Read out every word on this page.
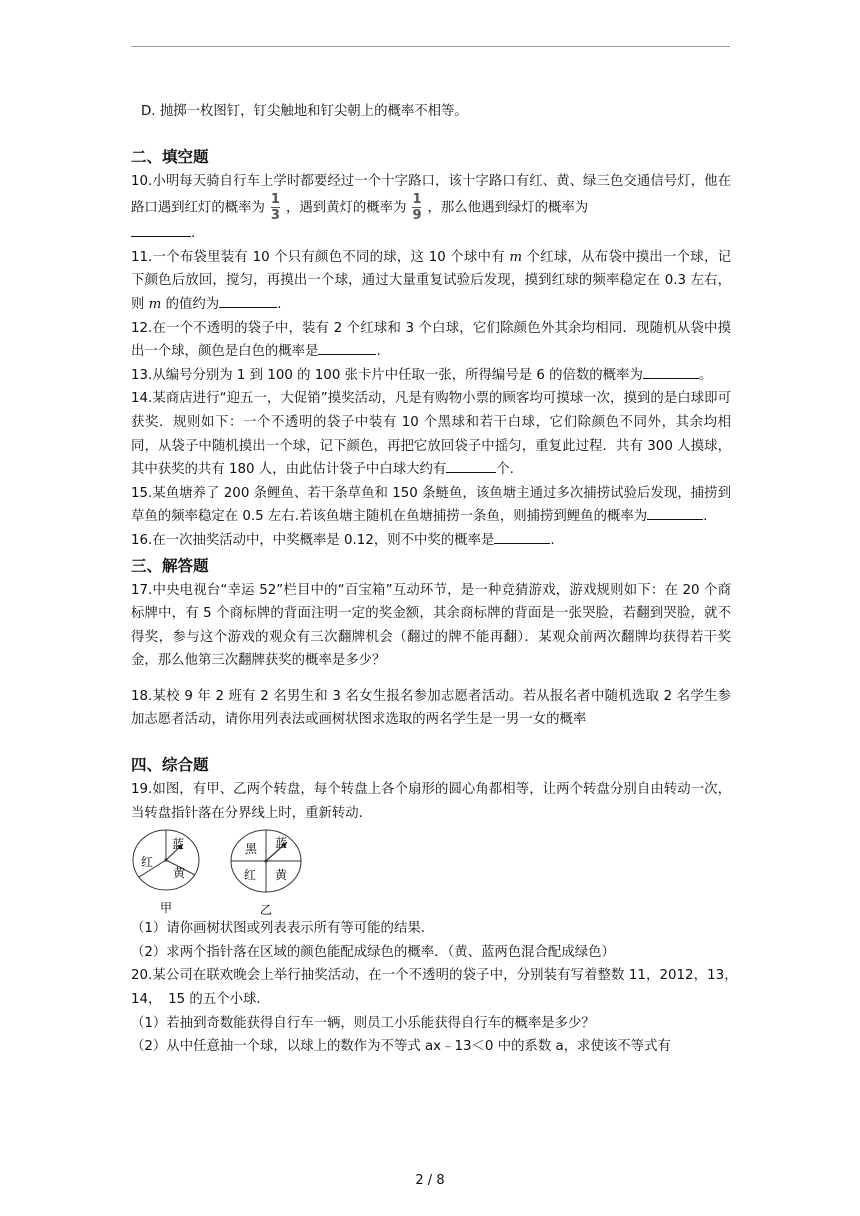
D. 抛掷一枚图钉，钉尖触地和钉尖朝上的概率不相等。

二、填空题

10.小明每天骑自行车上学时都要经过一个十字路口，该十字路口有红、黄、绿三色交通信号灯，他在路口遇到红灯的概率为 $\frac{1}{3}$ ，遇到黄灯的概率为 $\frac{1}{9}$ ，那么他遇到绿灯的概率为
.

11.一个布袋里装有 10 个只有颜色不同的球，这 10 个球中有 m 个红球，从布袋中摸出一个球，记下颜色后放回，搅匀，再摸出一个球，通过大量重复试验后发现，摸到红球的频率稳定在 0.3 左右，则 m 的值约为	.

12.在一个不透明的袋子中，装有 2 个红球和 3 个白球，它们除颜色外其余均相同．现随机从袋中摸出一个球，颜色是白色的概率是	.

13.从编号分别为 1 到 100 的 100 张卡片中任取一张，所得编号是 6 的倍数的概率为	。

14.某商店进行“迎五一，大促销”摸奖活动，凡是有购物小票的顾客均可摸球一次，摸到的是白球即可获奖．规则如下：一个不透明的袋子中装有 10 个黑球和若干白球，它们除颜色不同外，其余均相同，从袋子中随机摸出一个球，记下颜色，再把它放回袋子中摇匀，重复此过程．共有 300 人摸球，其中获奖的共有 180 人，由此估计袋子中白球大约有	个.

15.某鱼塘养了 200 条鲤鱼、若干条草鱼和 150 条鲢鱼，该鱼塘主通过多次捕捞试验后发现，捕捞到草鱼的频率稳定在 0.5 左右.若该鱼塘主随机在鱼塘捕捞一条鱼，则捕捞到鲤鱼的概率为	.

16.在一次抽奖活动中，中奖概率是 0.12，则不中奖的概率是	.

三、解答题

17.中央电视台“幸运 52”栏目中的“百宝箱”互动环节，是一种竞猜游戏，游戏规则如下：在 20 个商标牌中，有 5 个商标牌的背面注明一定的奖金额，其余商标牌的背面是一张哭脸，若翻到哭脸，就不得奖，参与这个游戏的观众有三次翻牌机会（翻过的牌不能再翻）．某观众前两次翻牌均获得若干奖金，那么他第三次翻牌获奖的概率是多少？

18.某校 9 年 2 班有 2 名男生和 3 名女生报名参加志愿者活动。若从报名者中随机选取 2 名学生参加志愿者活动，请你用列表法或画树状图求选取的两名学生是一男一女的概率

四、综合题

19.如图，有甲、乙两个转盘，每个转盘上各个扇形的圆心角都相等，让两个转盘分别自由转动一次，当转盘指针落在分界线上时，重新转动．

红
蓝
黄
甲
黑 蓝
红 黄
乙

（1）请你画树状图或列表表示所有等可能的结果．

（2）求两个指针落在区域的颜色能配成绿色的概率．（黄、蓝两色混合配成绿色）

20.某公司在联欢晚会上举行抽奖活动，在一个不透明的袋子中，分别装有写着整数 11，2012，13，　14，　15 的五个小球．

（1）若抽到奇数能获得自行车一辆，则员工小乐能获得自行车的概率是多少？

（2）从中任意抽一个球，以球上的数作为不等式 ax﹣13＜0 中的系数 a，求使该不等式有

2 / 8
